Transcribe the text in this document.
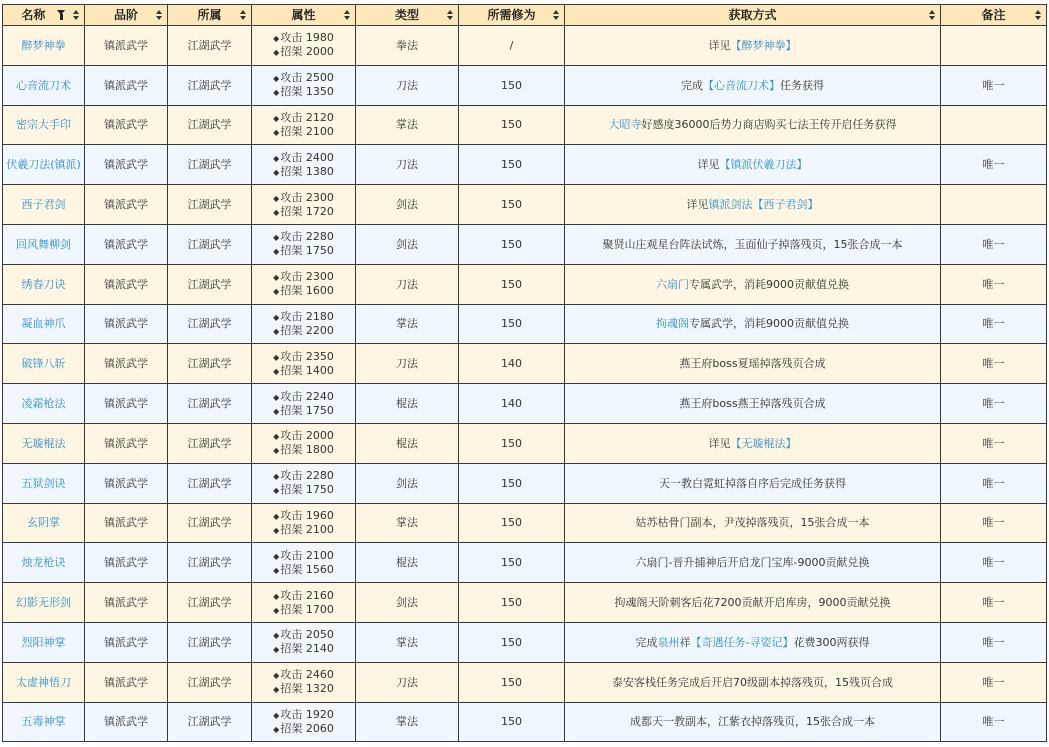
名称	品阶	所属	属性	类型	所需修为	获取方式	备注

醉梦神拳	镇派武学	江湖武学	◆攻击 1980
◆招架 2000	拳法	/	详见【醉梦神拳】	
心音流刀术	镇派武学	江湖武学	◆攻击 2500
◆招架 1350	刀法	150	完成【心音流刀术】任务获得	唯一
密宗大手印	镇派武学	江湖武学	◆攻击 2120
◆招架 2100	掌法	150	大昭寺好感度36000后势力商店购买七法王传开启任务获得	
伏羲刀法(镇派)	镇派武学	江湖武学	◆攻击 2400
◆招架 1380	刀法	150	详见【镇派伏羲刀法】	唯一
西子君剑	镇派武学	江湖武学	◆攻击 2300
◆招架 1720	剑法	150	详见镇派剑法【西子君剑】	
回风舞柳剑	镇派武学	江湖武学	◆攻击 2280
◆招架 1750	剑法	150	聚贤山庄观星台阵法试炼，玉面仙子掉落残页，15张合成一本	唯一
绣春刀诀	镇派武学	江湖武学	◆攻击 2300
◆招架 1600	刀法	150	六扇门专属武学，消耗9000贡献值兑换	唯一
凝血神爪	镇派武学	江湖武学	◆攻击 2180
◆招架 2200	掌法	150	拘魂阁专属武学，消耗9000贡献值兑换	唯一
破锋八斩	镇派武学	江湖武学	◆攻击 2350
◆招架 1400	刀法	140	燕王府boss夏瑶掉落残页合成	唯一
凌霜枪法	镇派武学	江湖武学	◆攻击 2240
◆招架 1750	棍法	140	燕王府boss燕王掉落残页合成	唯一
无璇棍法	镇派武学	江湖武学	◆攻击 2000
◆招架 1800	棍法	150	详见【无璇棍法】	唯一
五狱剑诀	镇派武学	江湖武学	◆攻击 2280
◆招架 1750	剑法	150	天一教白霓虹掉落自序后完成任务获得	唯一
玄阴掌	镇派武学	江湖武学	◆攻击 1960
◆招架 2100	掌法	150	姑苏枯骨门副本，尹茂掉落残页，15张合成一本	唯一
烛龙枪诀	镇派武学	江湖武学	◆攻击 2100
◆招架 1560	棍法	150	六扇门-晋升捕神后开启龙门宝库-9000贡献兑换	唯一
幻影无形剑	镇派武学	江湖武学	◆攻击 2160
◆招架 1700	剑法	150	拘魂阁天阶刺客后花7200贡献开启库房，9000贡献兑换	唯一
烈阳神掌	镇派武学	江湖武学	◆攻击 2050
◆招架 2140	掌法	150	完成泉州祥【奇遇任务-寻姿记】花费300两获得	唯一
太虚神悟刀	镇派武学	江湖武学	◆攻击 2460
◆招架 1320	刀法	150	泰安客栈任务完成后开启70级副本掉落残页，15残页合成	唯一
五毒神掌	镇派武学	江湖武学	◆攻击 1920
◆招架 2060	掌法	150	成都天一教副本，江紫衣掉落残页，15张合成一本	唯一
